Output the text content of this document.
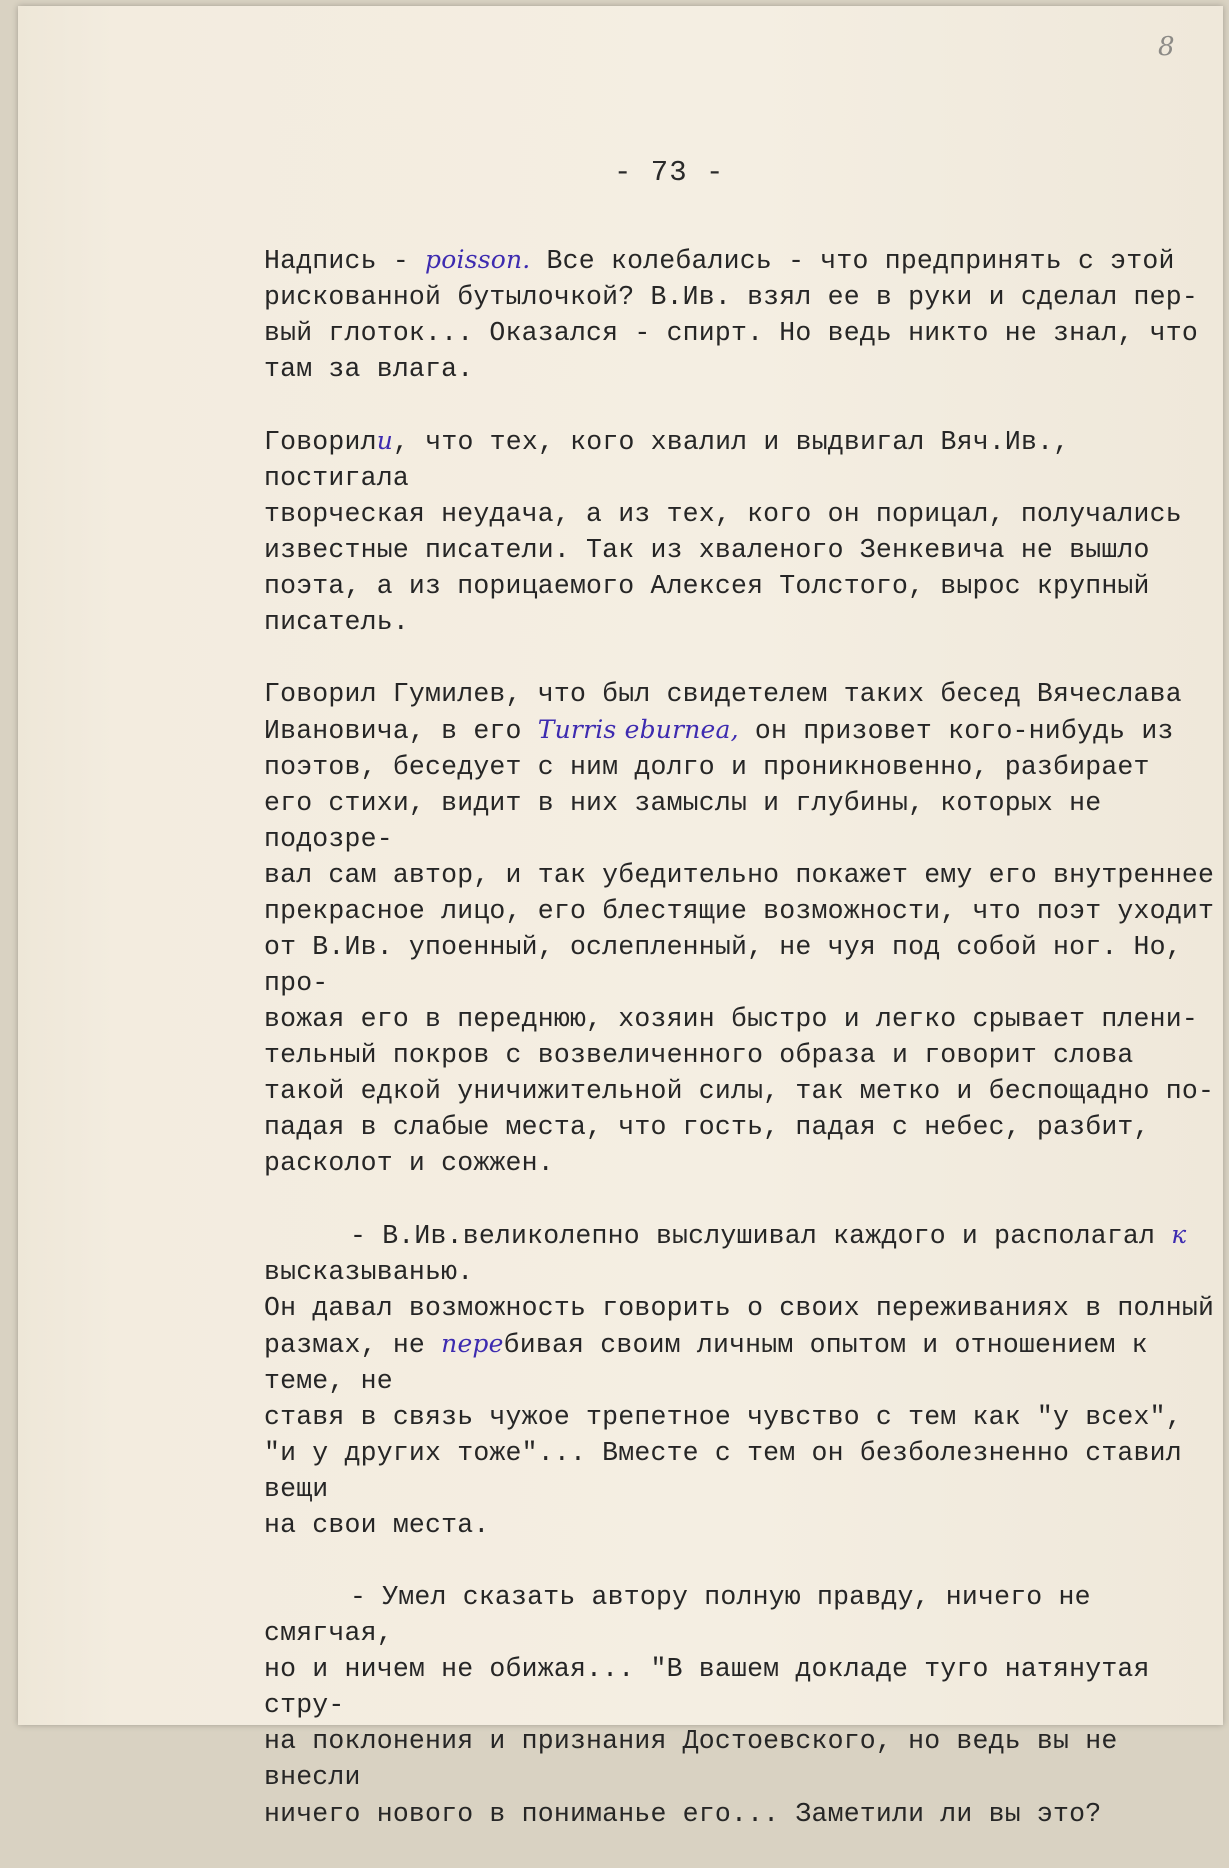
8
- 73 -

Надпись - poisson. Все колебались - что предпринять с этой
рискованной бутылочкой? В.Ив. взял ее в руки и сделал пер-
вый глоток... Оказался - спирт. Но ведь никто не знал, что
там за влага.

Говорили, что тех, кого хвалил и выдвигал Вяч.Ив., постигала
творческая неудача, а из тех, кого он порицал, получались
известные писатели. Так из хваленого Зенкевича не вышло
поэта, а из порицаемого Алексея Толстого, вырос крупный
писатель.

Говорил Гумилев, что был свидетелем таких бесед Вячеслава
Ивановича, в его Turris eburnea, он призовет кого-нибудь из
поэтов, беседует с ним долго и проникновенно, разбирает
его стихи, видит в них замыслы и глубины, которых не подозре-
вал сам автор, и так убедительно покажет ему его внутреннее
прекрасное лицо, его блестящие возможности, что поэт уходит
от В.Ив. упоенный, ослепленный, не чуя под собой ног. Но, про-
вожая его в переднюю, хозяин быстро и легко срывает плени-
тельный покров с возвеличенного образа и говорит слова
такой едкой уничижительной силы, так метко и беспощадно по-
падая в слабые места, что гость, падая с небес, разбит,
расколот и сожжен.

- В.Ив.великолепно выслушивал каждого и располагал к
высказыванью.

Он давал возможность говорить о своих переживаниях в полный
размах, не перебивая своим личным опытом и отношением к теме, не
ставя в связь чужое трепетное чувство с тем как "у всех",
"и у других тоже"... Вместе с тем он безболезненно ставил вещи
на свои места.

- Умел сказать автору полную правду, ничего не смягчая,
но и ничем не обижая... "В вашем докладе туго натянутая стру-
на поклонения и признания Достоевского, но ведь вы не внесли
ничего нового в пониманье его... Заметили ли вы это?
